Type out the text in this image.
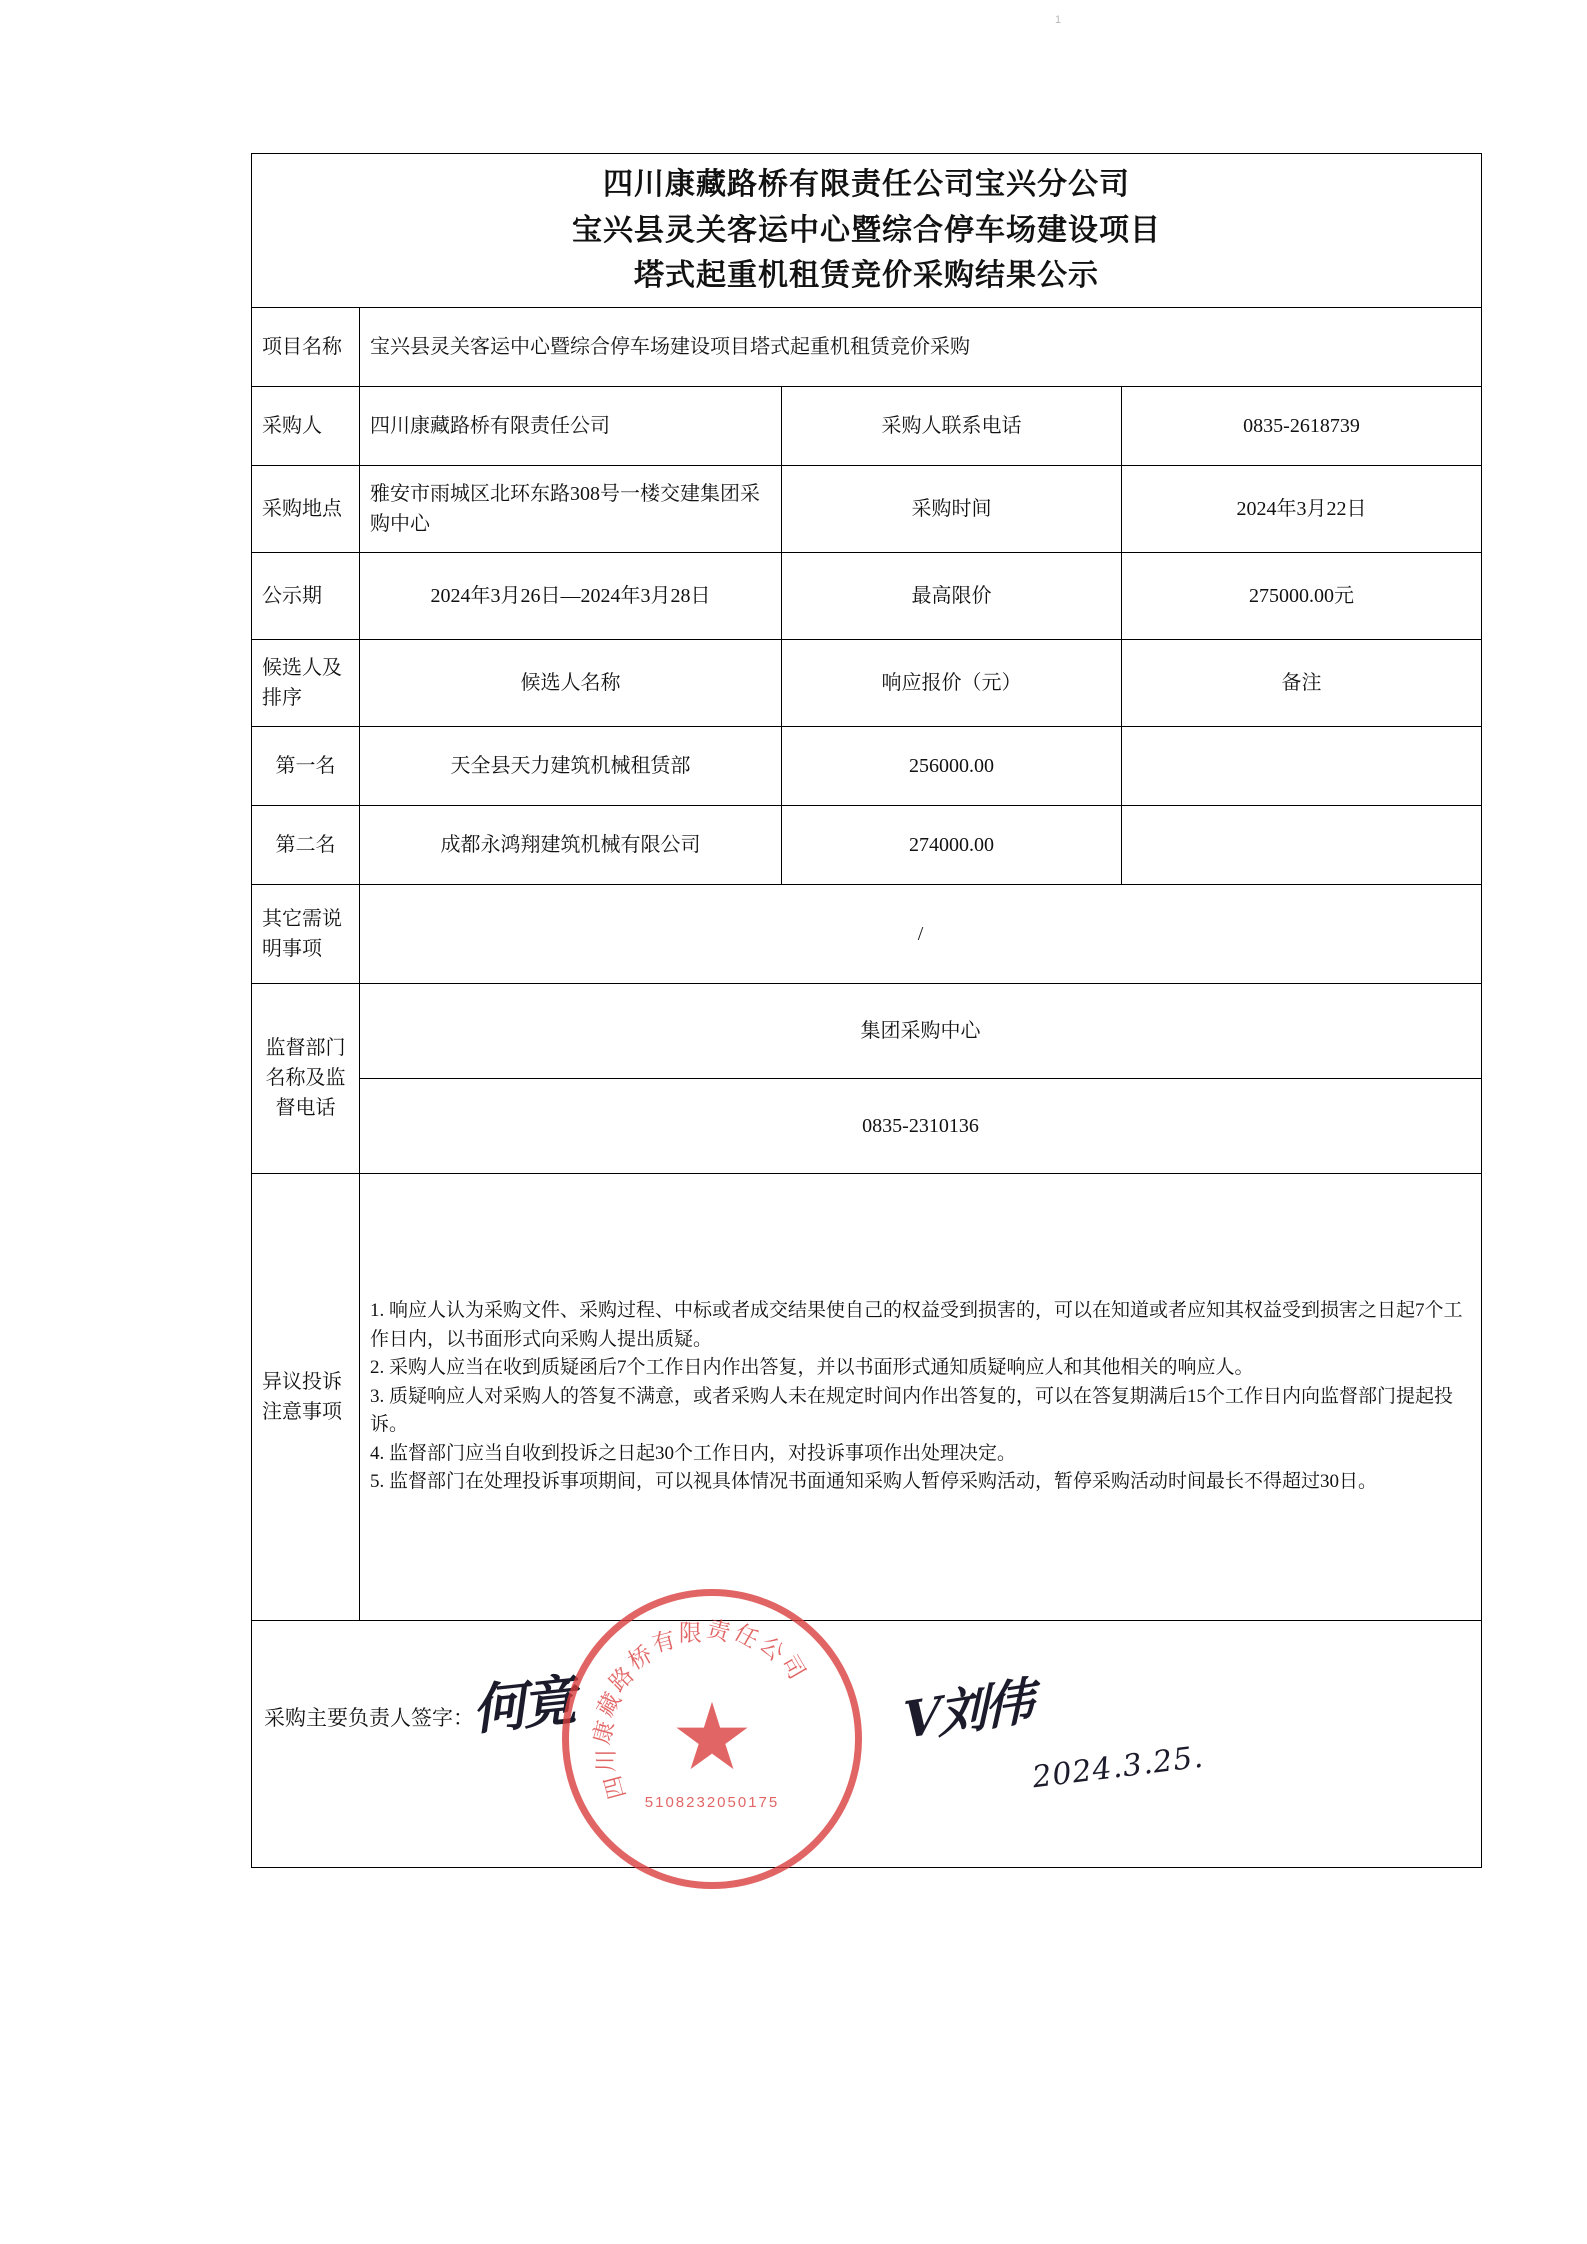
1
四川康藏路桥有限责任公司宝兴分公司
宝兴县灵关客运中心暨综合停车场建设项目
塔式起重机租赁竞价采购结果公示			

项目名称	宝兴县灵关客运中心暨综合停车场建设项目塔式起重机租赁竞价采购		
采购人	四川康藏路桥有限责任公司	采购人联系电话	0835-2618739
采购地点	雅安市雨城区北环东路308号一楼交建集团采购中心	采购时间	2024年3月22日
公示期	2024年3月26日—2024年3月28日	最高限价	275000.00元
候选人及排序	候选人名称	响应报价（元）	备注
第一名	天全县天力建筑机械租赁部	256000.00	
第二名	成都永鸿翔建筑机械有限公司	274000.00	
其它需说明事项	/		
监督部门名称及监督电话	集团采购中心		
	0835-2310136		
异议投诉注意事项	1. 响应人认为采购文件、采购过程、中标或者成交结果使自己的权益受到损害的，可以在知道或者应知其权益受到损害之日起7个工作日内，以书面形式向采购人提出质疑。

2. 采购人应当在收到质疑函后7个工作日内作出答复，并以书面形式通知质疑响应人和其他相关的响应人。

3. 质疑响应人对采购人的答复不满意，或者采购人未在规定时间内作出答复的，可以在答复期满后15个工作日内向监督部门提起投诉。

4. 监督部门应当自收到投诉之日起30个工作日内，对投诉事项作出处理决定。

5. 监督部门在处理投诉事项期间，可以视具体情况书面通知采购人暂停采购活动，暂停采购活动时间最长不得超过30日。		

采购主要负责人签字：
何竟	V刘伟
2024.3.25.
四
川
康
藏
路
桥
有 限 责
任
公
司
5108232050175
